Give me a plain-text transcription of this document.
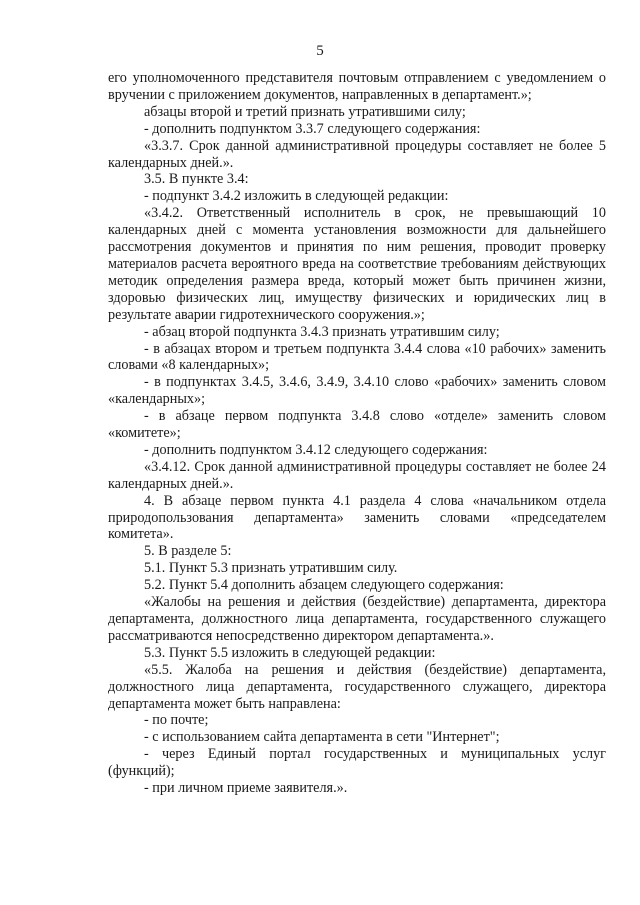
5

его уполномоченного представителя почтовым отправлением с уведомлением о вручении с приложением документов, направленных в департамент.»;

абзацы второй и третий признать утратившими силу;

- дополнить подпунктом 3.3.7 следующего содержания:

«3.3.7. Срок данной административной процедуры составляет не более 5 календарных дней.».

3.5. В пункте 3.4:

- подпункт 3.4.2 изложить в следующей редакции:

«3.4.2. Ответственный исполнитель в срок, не превышающий 10 календарных дней с момента установления возможности для дальнейшего рассмотрения документов и принятия по ним решения, проводит проверку материалов расчета вероятного вреда на соответствие требованиям действующих методик определения размера вреда, который может быть причинен жизни, здоровью физических лиц, имуществу физических и юридических лиц в результате аварии гидротехнического сооружения.»;

- абзац второй подпункта 3.4.3 признать утратившим силу;

- в абзацах втором и третьем подпункта 3.4.4 слова «10 рабочих» заменить словами «8 календарных»;

- в подпунктах 3.4.5, 3.4.6, 3.4.9, 3.4.10 слово «рабочих» заменить словом «календарных»;

- в абзаце первом подпункта 3.4.8 слово «отделе» заменить словом «комитете»;

- дополнить подпунктом 3.4.12 следующего содержания:

«3.4.12. Срок данной административной процедуры составляет не более 24 календарных дней.».

4. В абзаце первом пункта 4.1 раздела 4 слова «начальником отдела природопользования департамента» заменить словами «председателем комитета».

5. В разделе 5:

5.1. Пункт 5.3 признать утратившим силу.

5.2. Пункт 5.4 дополнить абзацем следующего содержания:

«Жалобы на решения и действия (бездействие) департамента, директора департамента, должностного лица департамента, государственного служащего рассматриваются непосредственно директором департамента.».

5.3. Пункт 5.5 изложить в следующей редакции:

«5.5. Жалоба на решения и действия (бездействие) департамента, должностного лица департамента, государственного служащего, директора департамента может быть направлена:

- по почте;

- с использованием сайта департамента в сети "Интернет";

- через Единый портал государственных и муниципальных услуг (функций);

- при личном приеме заявителя.».
